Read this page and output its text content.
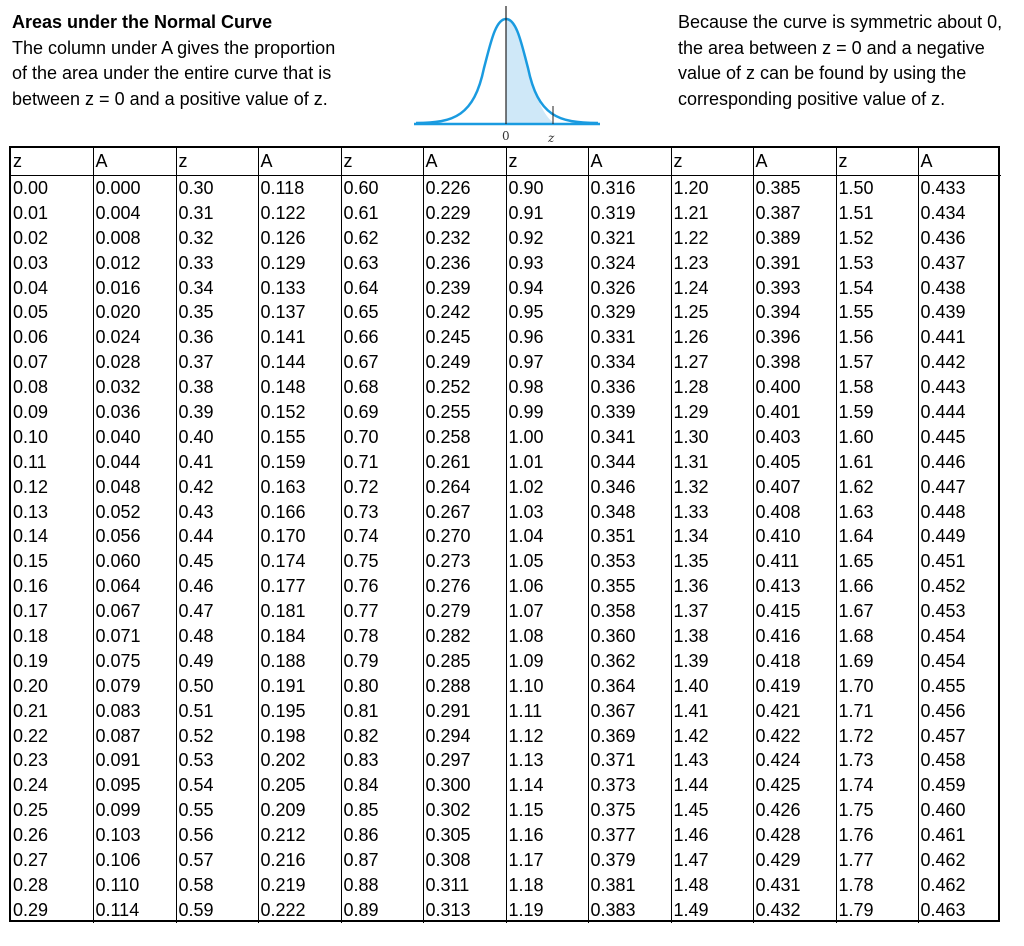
Areas under the Normal Curve
The column under A gives the proportion of the area under the entire curve that is between z = 0 and a positive value of z.
0	z
Because the curve is symmetric about 0, the area between z = 0 and a negative value of z can be found by using the corresponding positive value of z.
z	A	z	A	z	A	z	A	z	A	z	A
0.00	0.000	0.30	0.118	0.60	0.226	0.90	0.316	1.20	0.385	1.50	0.433
0.01	0.004	0.31	0.122	0.61	0.229	0.91	0.319	1.21	0.387	1.51	0.434
0.02	0.008	0.32	0.126	0.62	0.232	0.92	0.321	1.22	0.389	1.52	0.436
0.03	0.012	0.33	0.129	0.63	0.236	0.93	0.324	1.23	0.391	1.53	0.437
0.04	0.016	0.34	0.133	0.64	0.239	0.94	0.326	1.24	0.393	1.54	0.438
0.05	0.020	0.35	0.137	0.65	0.242	0.95	0.329	1.25	0.394	1.55	0.439
0.06	0.024	0.36	0.141	0.66	0.245	0.96	0.331	1.26	0.396	1.56	0.441
0.07	0.028	0.37	0.144	0.67	0.249	0.97	0.334	1.27	0.398	1.57	0.442
0.08	0.032	0.38	0.148	0.68	0.252	0.98	0.336	1.28	0.400	1.58	0.443
0.09	0.036	0.39	0.152	0.69	0.255	0.99	0.339	1.29	0.401	1.59	0.444
0.10	0.040	0.40	0.155	0.70	0.258	1.00	0.341	1.30	0.403	1.60	0.445
0.11	0.044	0.41	0.159	0.71	0.261	1.01	0.344	1.31	0.405	1.61	0.446
0.12	0.048	0.42	0.163	0.72	0.264	1.02	0.346	1.32	0.407	1.62	0.447
0.13	0.052	0.43	0.166	0.73	0.267	1.03	0.348	1.33	0.408	1.63	0.448
0.14	0.056	0.44	0.170	0.74	0.270	1.04	0.351	1.34	0.410	1.64	0.449
0.15	0.060	0.45	0.174	0.75	0.273	1.05	0.353	1.35	0.411	1.65	0.451
0.16	0.064	0.46	0.177	0.76	0.276	1.06	0.355	1.36	0.413	1.66	0.452
0.17	0.067	0.47	0.181	0.77	0.279	1.07	0.358	1.37	0.415	1.67	0.453
0.18	0.071	0.48	0.184	0.78	0.282	1.08	0.360	1.38	0.416	1.68	0.454
0.19	0.075	0.49	0.188	0.79	0.285	1.09	0.362	1.39	0.418	1.69	0.454
0.20	0.079	0.50	0.191	0.80	0.288	1.10	0.364	1.40	0.419	1.70	0.455
0.21	0.083	0.51	0.195	0.81	0.291	1.11	0.367	1.41	0.421	1.71	0.456
0.22	0.087	0.52	0.198	0.82	0.294	1.12	0.369	1.42	0.422	1.72	0.457
0.23	0.091	0.53	0.202	0.83	0.297	1.13	0.371	1.43	0.424	1.73	0.458
0.24	0.095	0.54	0.205	0.84	0.300	1.14	0.373	1.44	0.425	1.74	0.459
0.25	0.099	0.55	0.209	0.85	0.302	1.15	0.375	1.45	0.426	1.75	0.460
0.26	0.103	0.56	0.212	0.86	0.305	1.16	0.377	1.46	0.428	1.76	0.461
0.27	0.106	0.57	0.216	0.87	0.308	1.17	0.379	1.47	0.429	1.77	0.462
0.28	0.110	0.58	0.219	0.88	0.311	1.18	0.381	1.48	0.431	1.78	0.462
0.29	0.114	0.59	0.222	0.89	0.313	1.19	0.383	1.49	0.432	1.79	0.463
